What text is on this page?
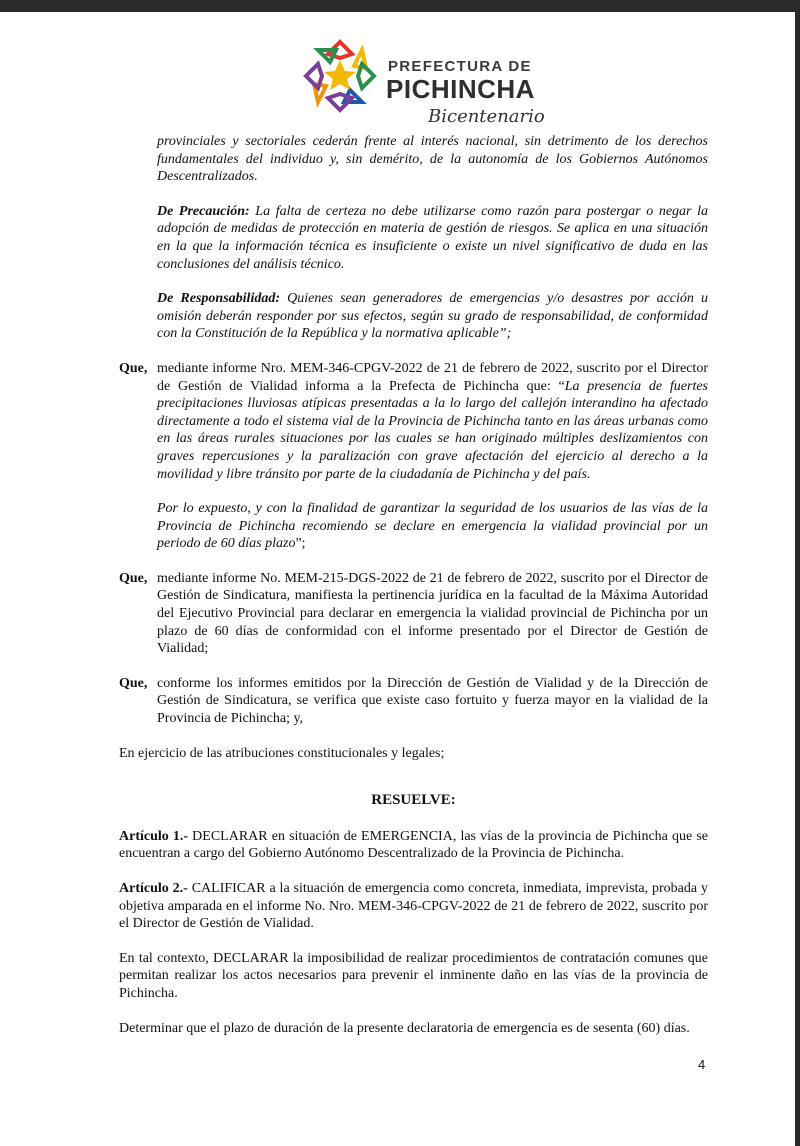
PREFECTURA DE
PICHINCHA
Bicentenario

provinciales y sectoriales cederán frente al interés nacional, sin detrimento de los derechos fundamentales del individuo y, sin demérito, de la autonomía de los Gobiernos Autónomos Descentralizados.

De Precaución: La falta de certeza no debe utilizarse como razón para postergar o negar la adopción de medidas de protección en materia de gestión de riesgos. Se aplica en una situación en la que la información técnica es insuficiente o existe un nivel significativo de duda en las conclusiones del análisis técnico.

De Responsabilidad: Quienes sean generadores de emergencias y/o desastres por acción u omisión deberán responder por sus efectos, según su grado de responsabilidad, de conformidad con la Constitución de la República y la normativa aplicable”;

Que, mediante informe Nro. MEM-346-CPGV-2022 de 21 de febrero de 2022, suscrito por el Director de Gestión de Vialidad informa a la Prefecta de Pichincha que: “La presencia de fuertes precipitaciones lluviosas atípicas presentadas a la lo largo del callejón interandino ha afectado directamente a todo el sistema vial de la Provincia de Pichincha tanto en las áreas urbanas como en las áreas rurales situaciones por las cuales se han originado múltiples deslizamientos con graves repercusiones y la paralización con grave afectación del ejercicio al derecho a la movilidad y libre tránsito por parte de la ciudadanía de Pichincha y del país.

Por lo expuesto, y con la finalidad de garantizar la seguridad de los usuarios de las vías de la Provincia de Pichincha recomiendo se declare en emergencia la vialidad provincial por un periodo de 60 días plazo”;

Que, mediante informe No. MEM-215-DGS-2022 de 21 de febrero de 2022, suscrito por el Director de Gestión de Sindicatura, manifiesta la pertinencia jurídica en la facultad de la Máxima Autoridad del Ejecutivo Provincial para declarar en emergencia la vialidad provincial de Pichincha por un plazo de 60 días de conformidad con el informe presentado por el Director de Gestión de Vialidad;

Que, conforme los informes emitidos por la Dirección de Gestión de Vialidad y de la Dirección de Gestión de Sindicatura, se verifica que existe caso fortuito y fuerza mayor en la vialidad de la Provincia de Pichincha; y,

En ejercicio de las atribuciones constitucionales y legales;

RESUELVE:

Artículo 1.- DECLARAR en situación de EMERGENCIA, las vías de la provincia de Pichincha que se encuentran a cargo del Gobierno Autónomo Descentralizado de la Provincia de Pichincha.

Artículo 2.- CALIFICAR a la situación de emergencia como concreta, inmediata, imprevista, probada y objetiva amparada en el informe No. Nro. MEM-346-CPGV-2022 de 21 de febrero de 2022, suscrito por el Director de Gestión de Vialidad.

En tal contexto, DECLARAR la imposibilidad de realizar procedimientos de contratación comunes que permitan realizar los actos necesarios para prevenir el inminente daño en las vías de la provincia de Pichincha.

Determinar que el plazo de duración de la presente declaratoria de emergencia es de sesenta (60) días.

4
